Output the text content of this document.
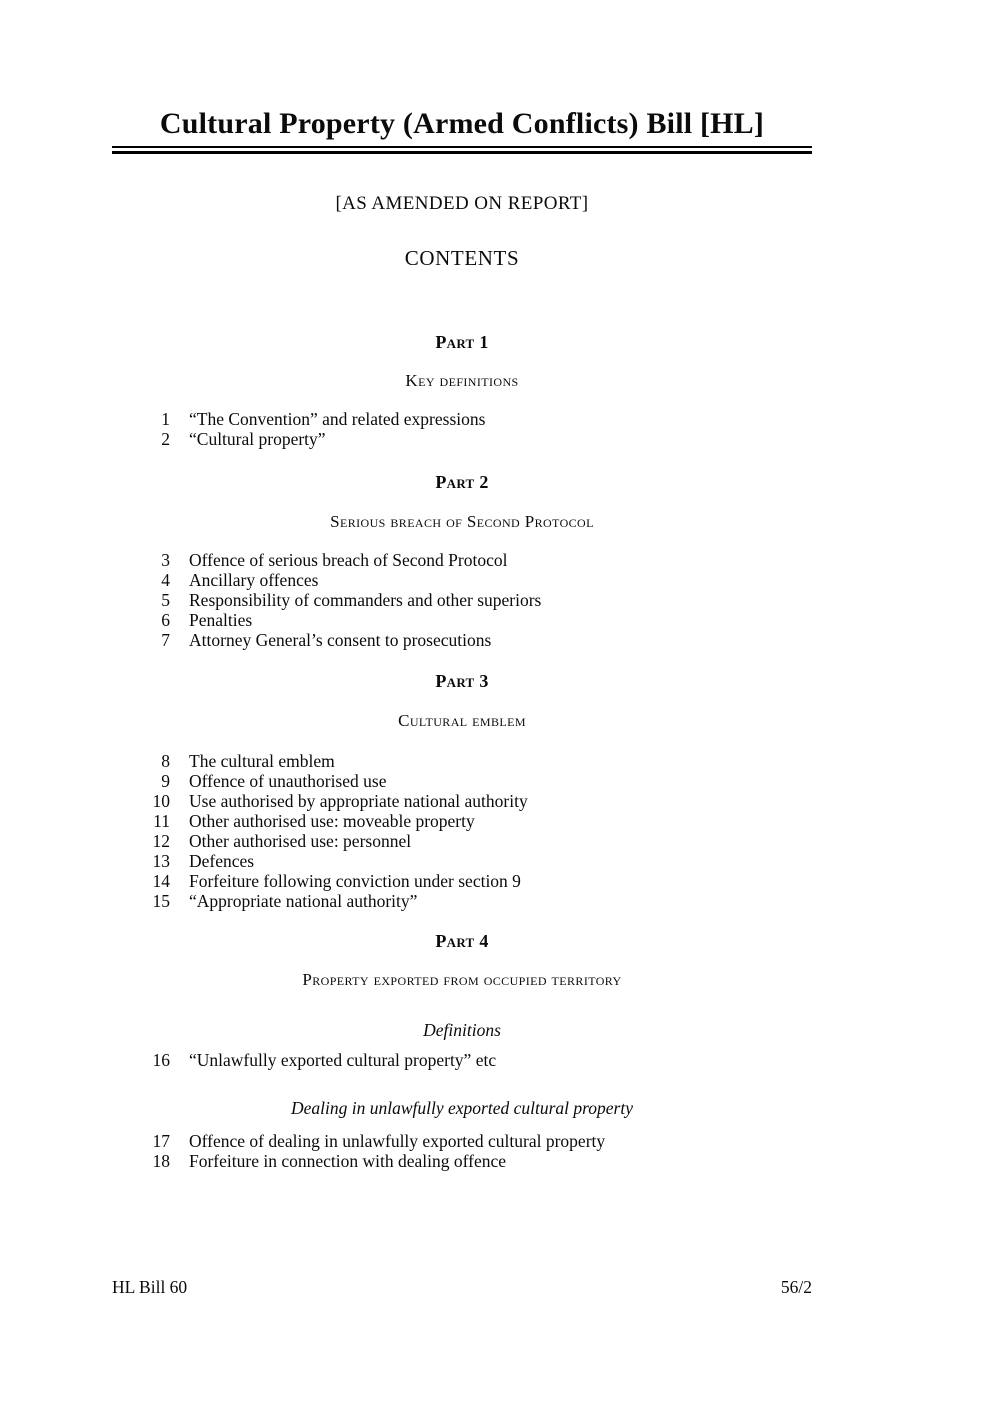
Cultural Property (Armed Conflicts) Bill [HL]
[AS AMENDED ON REPORT]
CONTENTS
Part 1
Key definitions
1	“The Convention” and related expressions
2	“Cultural property”
Part 2
Serious breach of Second Protocol
3	Offence of serious breach of Second Protocol
4	Ancillary offences
5	Responsibility of commanders and other superiors
6	Penalties
7	Attorney General’s consent to prosecutions
Part 3
Cultural emblem
8	The cultural emblem
9	Offence of unauthorised use
10	Use authorised by appropriate national authority
11	Other authorised use: moveable property
12	Other authorised use: personnel
13	Defences
14	Forfeiture following conviction under section 9
15	“Appropriate national authority”
Part 4
Property exported from occupied territory
Definitions
16	“Unlawfully exported cultural property” etc
Dealing in unlawfully exported cultural property
17	Offence of dealing in unlawfully exported cultural property
18	Forfeiture in connection with dealing offence
HL Bill 60	56/2
